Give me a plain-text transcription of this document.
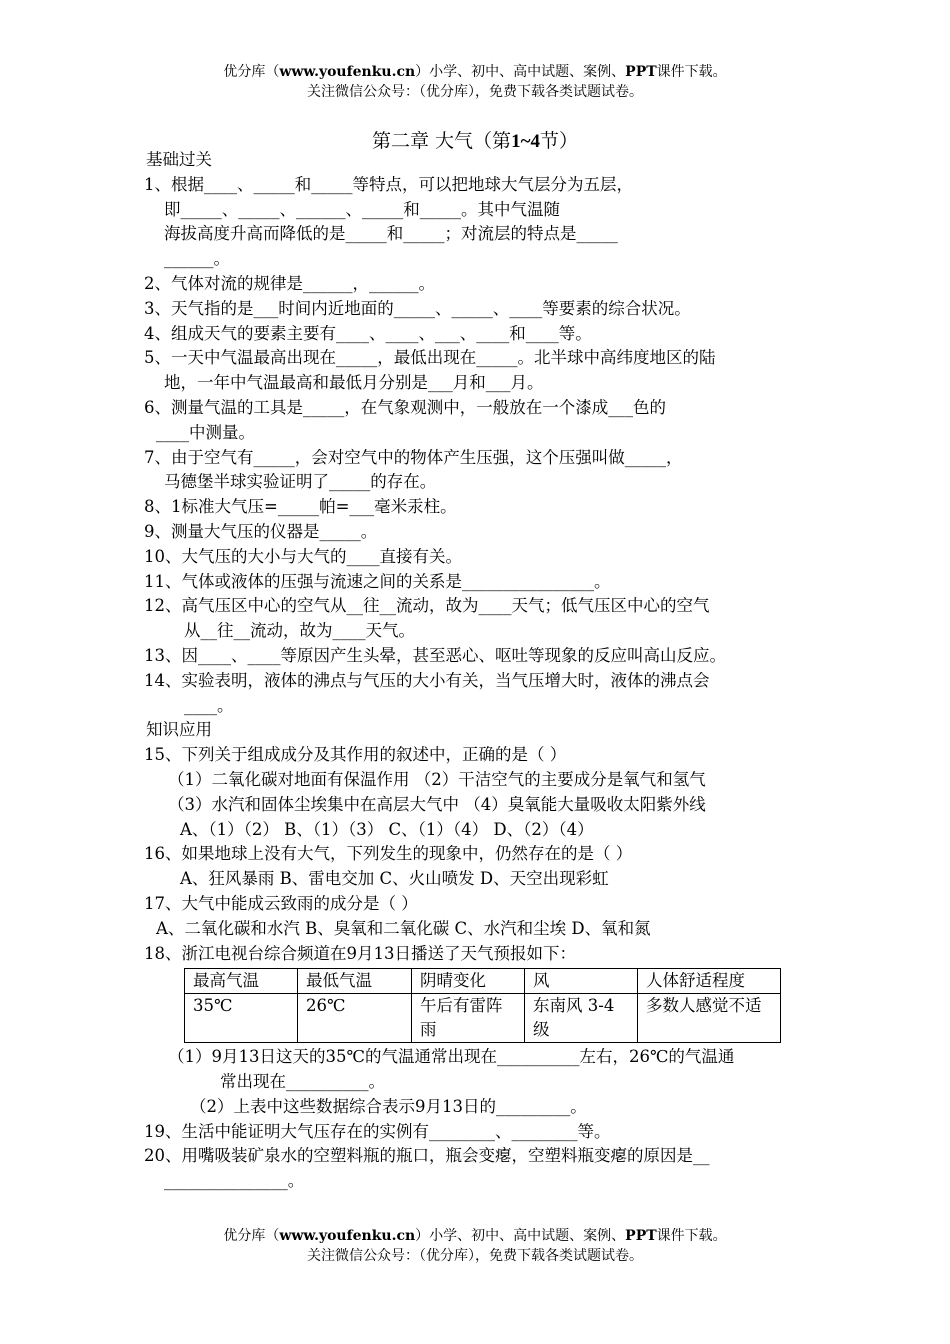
优分库（www.youfenku.cn）小学、初中、高中试题、案例、PPT课件下载。
关注微信公众号：（优分库），免费下载各类试题试卷。
第二章 大气（第1~4节）
基础过关
1、根据____、_____和_____等特点，可以把地球大气层分为五层，
即_____、_____、______、_____和_____。其中气温随
海拔高度升高而降低的是_____和_____；对流层的特点是_____
______。
2、气体对流的规律是______，______。
3、天气指的是___时间内近地面的_____、_____、____等要素的综合状况。
4、组成天气的要素主要有____、____、___、____和____等。
5、一天中气温最高出现在_____，最低出现在_____。北半球中高纬度地区的陆
地，一年中气温最高和最低月分别是___月和___月。
6、测量气温的工具是_____，在气象观测中，一般放在一个漆成___色的
____中测量。
7、由于空气有_____，会对空气中的物体产生压强，这个压强叫做_____，
马德堡半球实验证明了_____的存在。
8、1标准大气压=_____帕=___毫米汞柱。
9、测量大气压的仪器是_____。
10、大气压的大小与大气的____直接有关。
11、气体或液体的压强与流速之间的关系是________________。
12、高气压区中心的空气从__往__流动，故为____天气；低气压区中心的空气
从__往__流动，故为____天气。
13、因____、____等原因产生头晕，甚至恶心、呕吐等现象的反应叫高山反应。
14、实验表明，液体的沸点与气压的大小有关，当气压增大时，液体的沸点会
____。
知识应用
15、下列关于组成成分及其作用的叙述中，正确的是（ ）
（1）二氧化碳对地面有保温作用 （2）干洁空气的主要成分是氧气和氢气
（3）水汽和固体尘埃集中在高层大气中 （4）臭氧能大量吸收太阳紫外线
A、（1）（2） B、（1）（3） C、（1）（4） D、（2）（4）
16、如果地球上没有大气，下列发生的现象中，仍然存在的是（ ）
A、狂风暴雨 B、雷电交加 C、火山喷发 D、天空出现彩虹
17、大气中能成云致雨的成分是（ ）
A、二氧化碳和水汽 B、臭氧和二氧化碳 C、水汽和尘埃 D、氧和氮
18、浙江电视台综合频道在9月13日播送了天气预报如下：
最高气温	最低气温	阴晴变化	风	人体舒适程度
35℃	26℃	午后有雷阵雨	东南风 3-4级	多数人感觉不适
（1）9月13日这天的35℃的气温通常出现在__________左右，26℃的气温通
常出现在__________。
（2）上表中这些数据综合表示9月13日的_________。
19、生活中能证明大气压存在的实例有________、________等。
20、用嘴吸装矿泉水的空塑料瓶的瓶口，瓶会变瘪，空塑料瓶变瘪的原因是__
_______________。
优分库（www.youfenku.cn）小学、初中、高中试题、案例、PPT课件下载。
关注微信公众号：（优分库），免费下载各类试题试卷。
